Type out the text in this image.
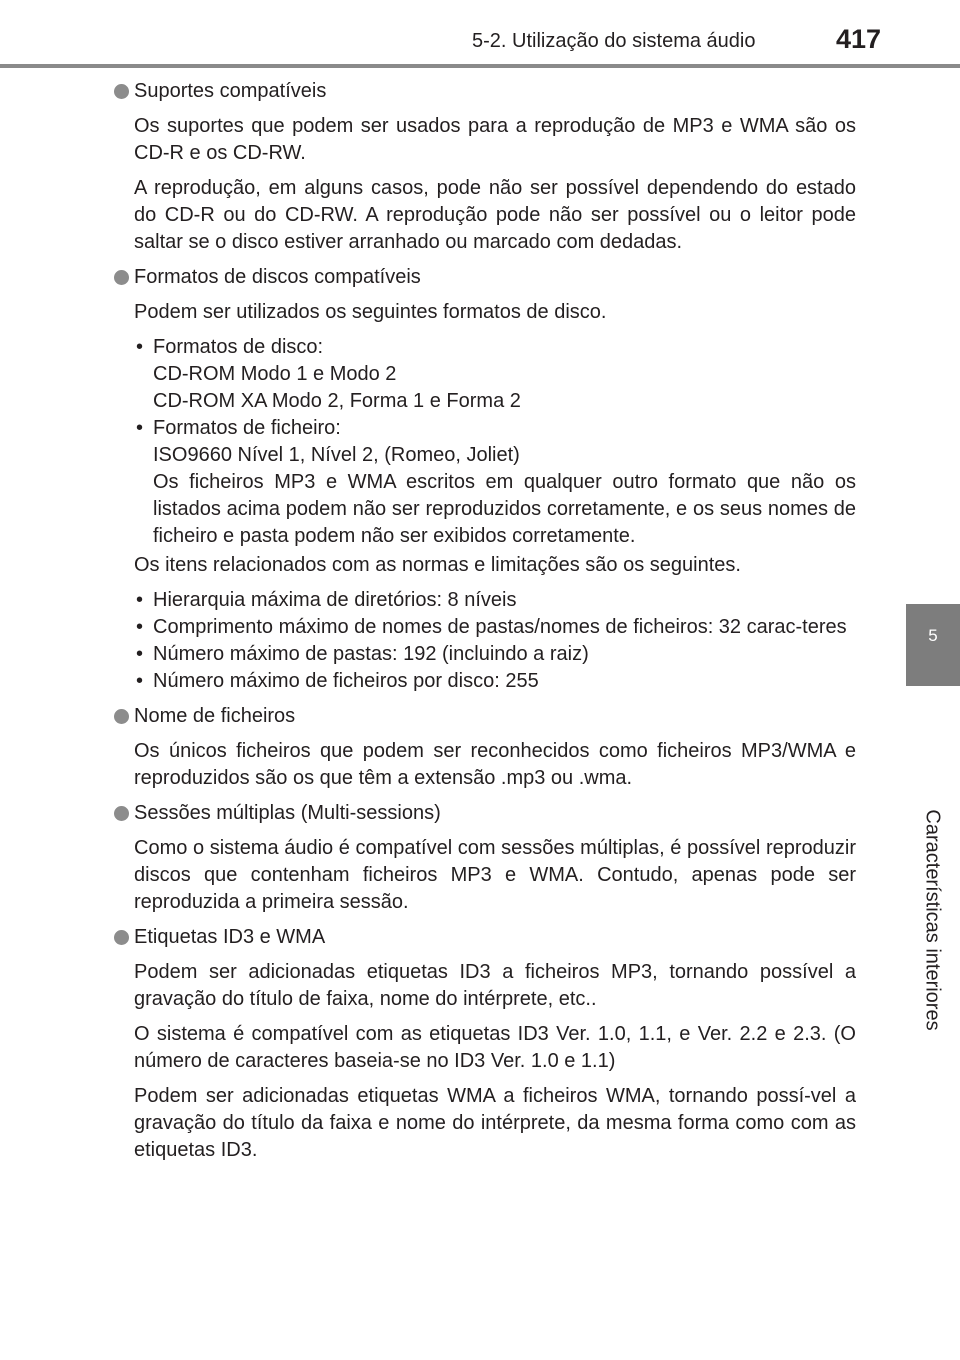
5-2. Utilização do sistema áudio	417
5
Características interiores
Suportes compatíveis

Os suportes que podem ser usados para a reprodução de MP3 e WMA são os CD-R e os CD-RW.

A reprodução, em alguns casos, pode não ser possível dependendo do estado do CD-R ou do CD-RW. A reprodução pode não ser possível ou o leitor pode saltar se o disco estiver arranhado ou marcado com dedadas.

Formatos de discos compatíveis

Podem ser utilizados os seguintes formatos de disco.

• Formatos de disco:
CD-ROM Modo 1 e Modo 2
CD-ROM XA Modo 2, Forma 1 e Forma 2
• Formatos de ficheiro:
ISO9660 Nível 1, Nível 2, (Romeo, Joliet)
Os ficheiros MP3 e WMA escritos em qualquer outro formato que não os listados acima podem não ser reproduzidos corretamente, e os seus nomes de ficheiro e pasta podem não ser exibidos corretamente.

Os itens relacionados com as normas e limitações são os seguintes.

• Hierarquia máxima de diretórios: 8 níveis
• Comprimento máximo de nomes de pastas/nomes de ficheiros: 32 carac-teres
• Número máximo de pastas: 192 (incluindo a raiz)
• Número máximo de ficheiros por disco: 255
Nome de ficheiros

Os únicos ficheiros que podem ser reconhecidos como ficheiros MP3/WMA e reproduzidos são os que têm a extensão .mp3 ou .wma.

Sessões múltiplas (Multi-sessions)

Como o sistema áudio é compatível com sessões múltiplas, é possível reproduzir discos que contenham ficheiros MP3 e WMA. Contudo, apenas pode ser reproduzida a primeira sessão.

Etiquetas ID3 e WMA

Podem ser adicionadas etiquetas ID3 a ficheiros MP3, tornando possível a gravação do título de faixa, nome do intérprete, etc..

O sistema é compatível com as etiquetas ID3 Ver. 1.0, 1.1, e Ver. 2.2 e 2.3. (O número de caracteres baseia-se no ID3 Ver. 1.0 e 1.1)

Podem ser adicionadas etiquetas WMA a ficheiros WMA, tornando possí-vel a gravação do título da faixa e nome do intérprete, da mesma forma como com as etiquetas ID3.
